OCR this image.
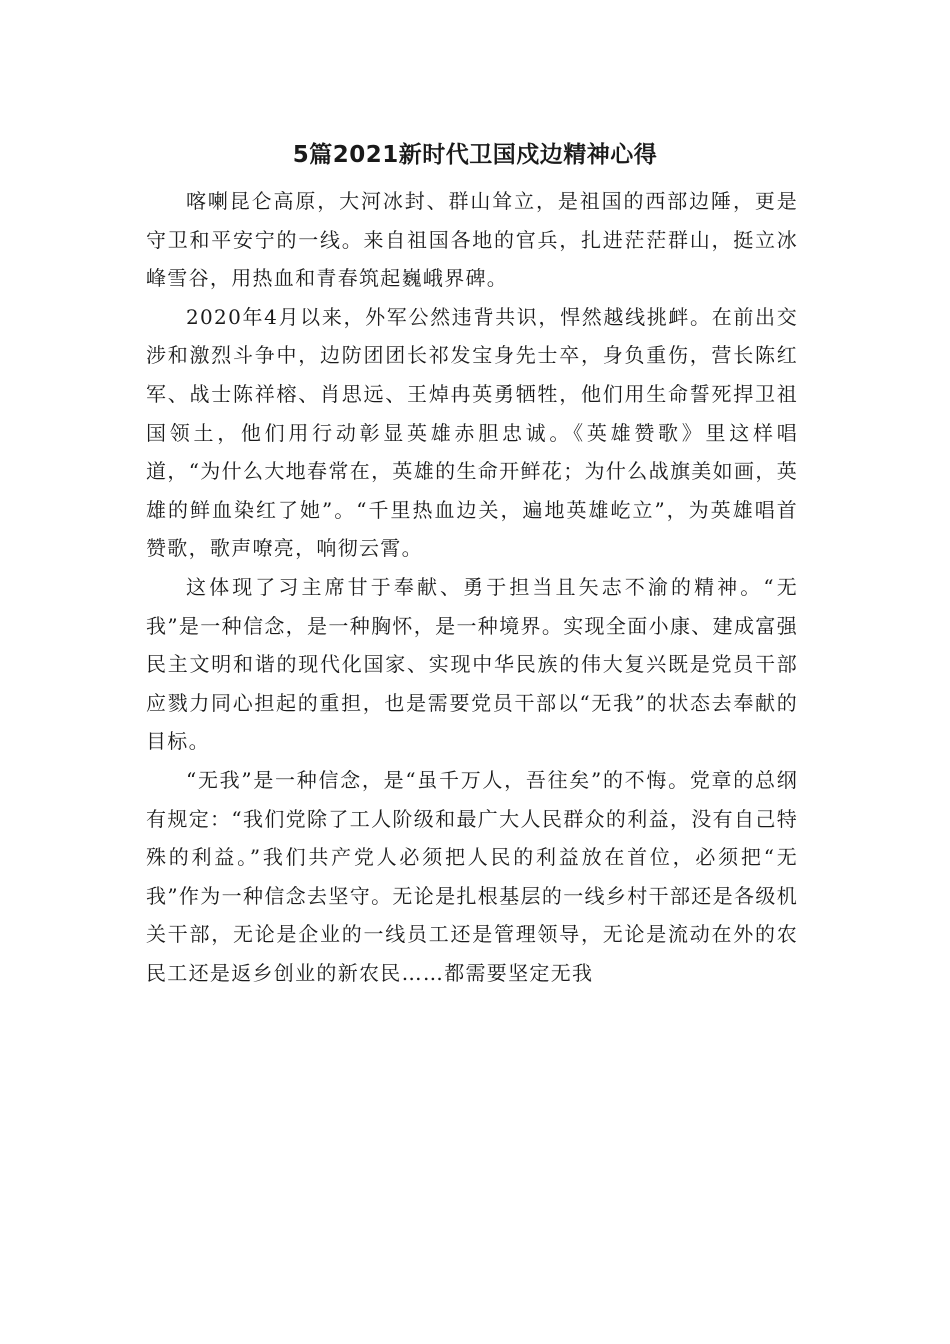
5篇2021新时代卫国戍边精神心得

喀喇昆仑高原，大河冰封、群山耸立，是祖国的西部边陲，更是守卫和平安宁的一线。来自祖国各地的官兵，扎进茫茫群山，挺立冰峰雪谷，用热血和青春筑起巍峨界碑。

2020年4月以来，外军公然违背共识，悍然越线挑衅。在前出交涉和激烈斗争中，边防团团长祁发宝身先士卒，身负重伤，营长陈红军、战士陈祥榕、肖思远、王焯冉英勇牺牲，他们用生命誓死捍卫祖国领土，他们用行动彰显英雄赤胆忠诚。《英雄赞歌》里这样唱道，“为什么大地春常在，英雄的生命开鲜花；为什么战旗美如画，英雄的鲜血染红了她”。“千里热血边关，遍地英雄屹立”，为英雄唱首赞歌，歌声嘹亮，响彻云霄。

这体现了习主席甘于奉献、勇于担当且矢志不渝的精神。“无我”是一种信念，是一种胸怀，是一种境界。实现全面小康、建成富强民主文明和谐的现代化国家、实现中华民族的伟大复兴既是党员干部应戮力同心担起的重担，也是需要党员干部以“无我”的状态去奉献的目标。

“无我”是一种信念，是“虽千万人，吾往矣”的不悔。党章的总纲有规定：“我们党除了工人阶级和最广大人民群众的利益，没有自己特殊的利益。”我们共产党人必须把人民的利益放在首位，必须把“无我”作为一种信念去坚守。无论是扎根基层的一线乡村干部还是各级机关干部，无论是企业的一线员工还是管理领导，无论是流动在外的农民工还是返乡创业的新农民……都需要坚定无我
